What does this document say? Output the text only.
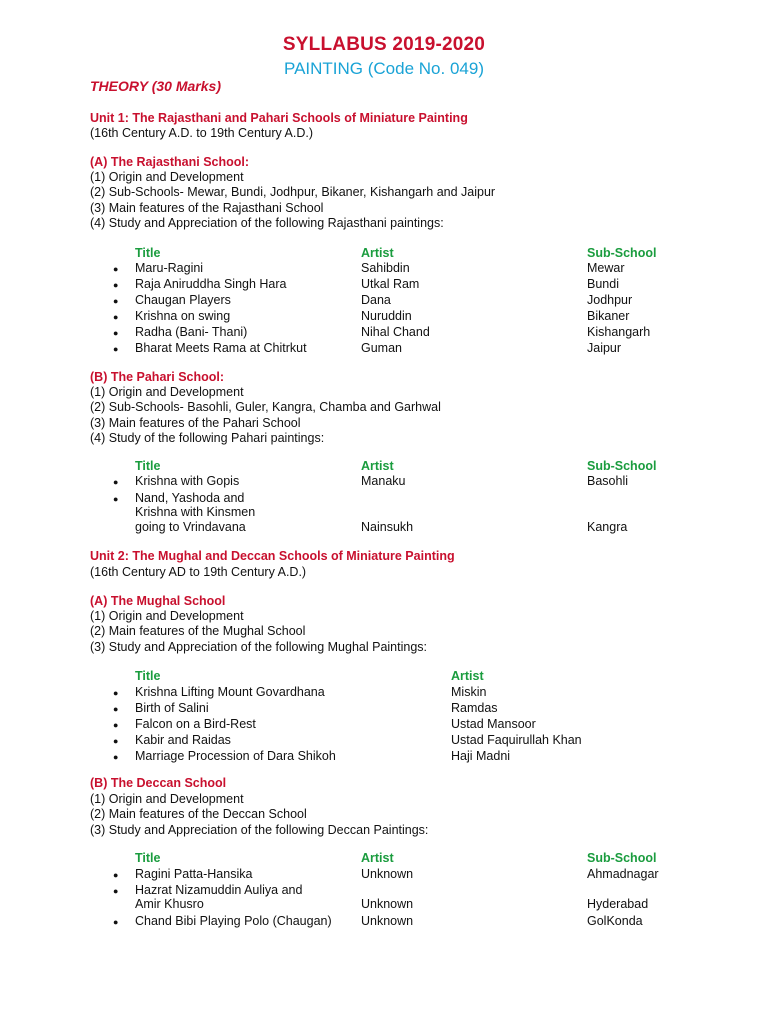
SYLLABUS 2019-2020
PAINTING (Code No. 049)
THEORY (30 Marks)
Unit 1: The Rajasthani and Pahari Schools of Miniature Painting
(16th Century A.D. to 19th Century A.D.)
(A) The Rajasthani School:
(1) Origin and Development
(2) Sub-Schools- Mewar, Bundi, Jodhpur, Bikaner, Kishangarh and Jaipur
(3) Main features of the Rajasthani School
(4) Study and Appreciation of the following Rajasthani paintings:
Title	Artist	Sub-School
● Maru-Ragini	Sahibdin	Mewar
● Raja Aniruddha Singh Hara	Utkal Ram	Bundi
● Chaugan Players	Dana	Jodhpur
● Krishna on swing	Nuruddin	Bikaner
● Radha (Bani- Thani)	Nihal Chand	Kishangarh
● Bharat Meets Rama at Chitrkut	Guman	Jaipur
(B) The Pahari School:
(1) Origin and Development
(2) Sub-Schools- Basohli, Guler, Kangra, Chamba and Garhwal
(3) Main features of the Pahari School
(4) Study of the following Pahari paintings:
Title	Artist	Sub-School
● Krishna with Gopis	Manaku	Basohli
● Nand, Yashoda and
Krishna with Kinsmen
going to Vrindavana	Nainsukh	Kangra
Unit 2: The Mughal and Deccan Schools of Miniature Painting
(16th Century AD to 19th Century A.D.)
(A) The Mughal School
(1) Origin and Development
(2) Main features of the Mughal School
(3) Study and Appreciation of the following Mughal Paintings:
Title	Artist
● Krishna Lifting Mount Govardhana	Miskin
● Birth of Salini	Ramdas
● Falcon on a Bird-Rest	Ustad Mansoor
● Kabir and Raidas	Ustad Faquirullah Khan
● Marriage Procession of Dara Shikoh	Haji Madni
(B) The Deccan School
(1) Origin and Development
(2) Main features of the Deccan School
(3) Study and Appreciation of the following Deccan Paintings:
Title	Artist	Sub-School
● Ragini Patta-Hansika	Unknown	Ahmadnagar
● Hazrat Nizamuddin Auliya and
Amir Khusro	Unknown	Hyderabad
● Chand Bibi Playing Polo (Chaugan) Unknown	GolKonda
